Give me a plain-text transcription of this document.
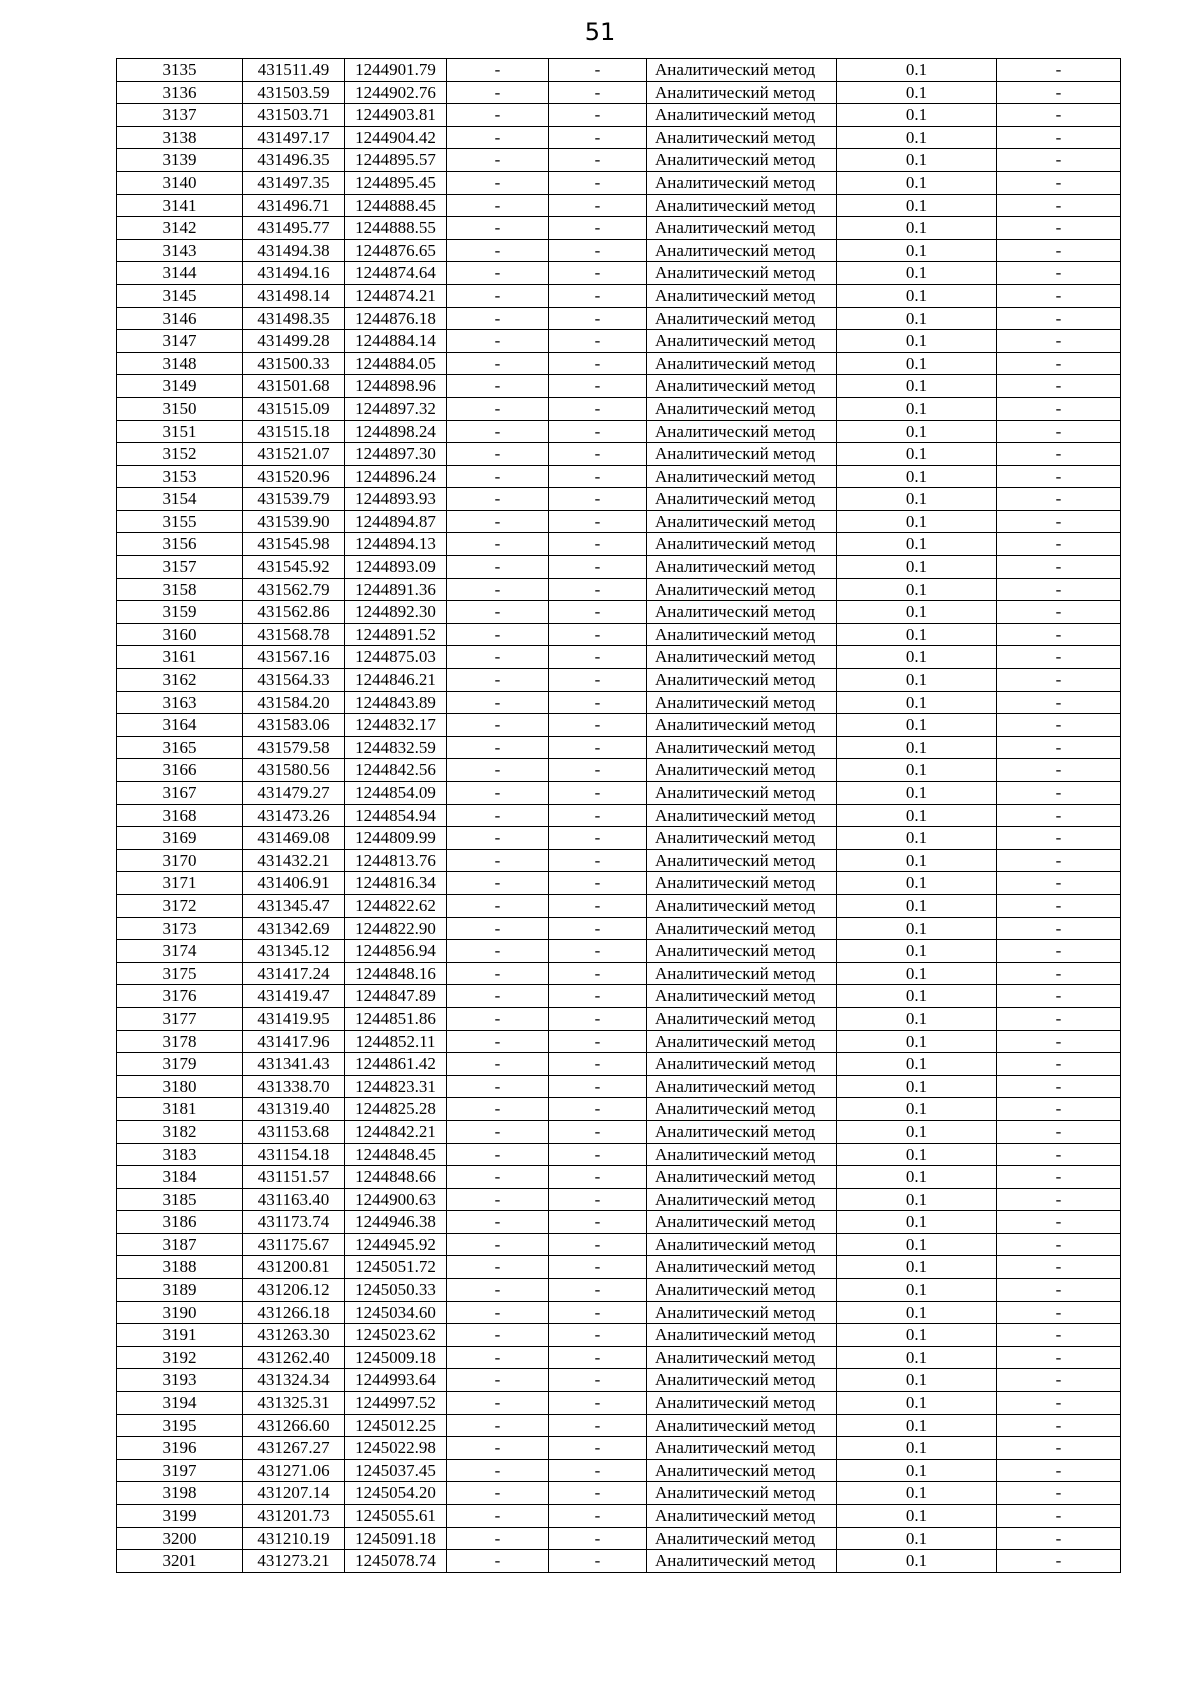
51
3135	431511.49	1244901.79	-	-	Аналитический метод	0.1	-
3136	431503.59	1244902.76	-	-	Аналитический метод	0.1	-
3137	431503.71	1244903.81	-	-	Аналитический метод	0.1	-
3138	431497.17	1244904.42	-	-	Аналитический метод	0.1	-
3139	431496.35	1244895.57	-	-	Аналитический метод	0.1	-
3140	431497.35	1244895.45	-	-	Аналитический метод	0.1	-
3141	431496.71	1244888.45	-	-	Аналитический метод	0.1	-
3142	431495.77	1244888.55	-	-	Аналитический метод	0.1	-
3143	431494.38	1244876.65	-	-	Аналитический метод	0.1	-
3144	431494.16	1244874.64	-	-	Аналитический метод	0.1	-
3145	431498.14	1244874.21	-	-	Аналитический метод	0.1	-
3146	431498.35	1244876.18	-	-	Аналитический метод	0.1	-
3147	431499.28	1244884.14	-	-	Аналитический метод	0.1	-
3148	431500.33	1244884.05	-	-	Аналитический метод	0.1	-
3149	431501.68	1244898.96	-	-	Аналитический метод	0.1	-
3150	431515.09	1244897.32	-	-	Аналитический метод	0.1	-
3151	431515.18	1244898.24	-	-	Аналитический метод	0.1	-
3152	431521.07	1244897.30	-	-	Аналитический метод	0.1	-
3153	431520.96	1244896.24	-	-	Аналитический метод	0.1	-
3154	431539.79	1244893.93	-	-	Аналитический метод	0.1	-
3155	431539.90	1244894.87	-	-	Аналитический метод	0.1	-
3156	431545.98	1244894.13	-	-	Аналитический метод	0.1	-
3157	431545.92	1244893.09	-	-	Аналитический метод	0.1	-
3158	431562.79	1244891.36	-	-	Аналитический метод	0.1	-
3159	431562.86	1244892.30	-	-	Аналитический метод	0.1	-
3160	431568.78	1244891.52	-	-	Аналитический метод	0.1	-
3161	431567.16	1244875.03	-	-	Аналитический метод	0.1	-
3162	431564.33	1244846.21	-	-	Аналитический метод	0.1	-
3163	431584.20	1244843.89	-	-	Аналитический метод	0.1	-
3164	431583.06	1244832.17	-	-	Аналитический метод	0.1	-
3165	431579.58	1244832.59	-	-	Аналитический метод	0.1	-
3166	431580.56	1244842.56	-	-	Аналитический метод	0.1	-
3167	431479.27	1244854.09	-	-	Аналитический метод	0.1	-
3168	431473.26	1244854.94	-	-	Аналитический метод	0.1	-
3169	431469.08	1244809.99	-	-	Аналитический метод	0.1	-
3170	431432.21	1244813.76	-	-	Аналитический метод	0.1	-
3171	431406.91	1244816.34	-	-	Аналитический метод	0.1	-
3172	431345.47	1244822.62	-	-	Аналитический метод	0.1	-
3173	431342.69	1244822.90	-	-	Аналитический метод	0.1	-
3174	431345.12	1244856.94	-	-	Аналитический метод	0.1	-
3175	431417.24	1244848.16	-	-	Аналитический метод	0.1	-
3176	431419.47	1244847.89	-	-	Аналитический метод	0.1	-
3177	431419.95	1244851.86	-	-	Аналитический метод	0.1	-
3178	431417.96	1244852.11	-	-	Аналитический метод	0.1	-
3179	431341.43	1244861.42	-	-	Аналитический метод	0.1	-
3180	431338.70	1244823.31	-	-	Аналитический метод	0.1	-
3181	431319.40	1244825.28	-	-	Аналитический метод	0.1	-
3182	431153.68	1244842.21	-	-	Аналитический метод	0.1	-
3183	431154.18	1244848.45	-	-	Аналитический метод	0.1	-
3184	431151.57	1244848.66	-	-	Аналитический метод	0.1	-
3185	431163.40	1244900.63	-	-	Аналитический метод	0.1	-
3186	431173.74	1244946.38	-	-	Аналитический метод	0.1	-
3187	431175.67	1244945.92	-	-	Аналитический метод	0.1	-
3188	431200.81	1245051.72	-	-	Аналитический метод	0.1	-
3189	431206.12	1245050.33	-	-	Аналитический метод	0.1	-
3190	431266.18	1245034.60	-	-	Аналитический метод	0.1	-
3191	431263.30	1245023.62	-	-	Аналитический метод	0.1	-
3192	431262.40	1245009.18	-	-	Аналитический метод	0.1	-
3193	431324.34	1244993.64	-	-	Аналитический метод	0.1	-
3194	431325.31	1244997.52	-	-	Аналитический метод	0.1	-
3195	431266.60	1245012.25	-	-	Аналитический метод	0.1	-
3196	431267.27	1245022.98	-	-	Аналитический метод	0.1	-
3197	431271.06	1245037.45	-	-	Аналитический метод	0.1	-
3198	431207.14	1245054.20	-	-	Аналитический метод	0.1	-
3199	431201.73	1245055.61	-	-	Аналитический метод	0.1	-
3200	431210.19	1245091.18	-	-	Аналитический метод	0.1	-
3201	431273.21	1245078.74	-	-	Аналитический метод	0.1	-
